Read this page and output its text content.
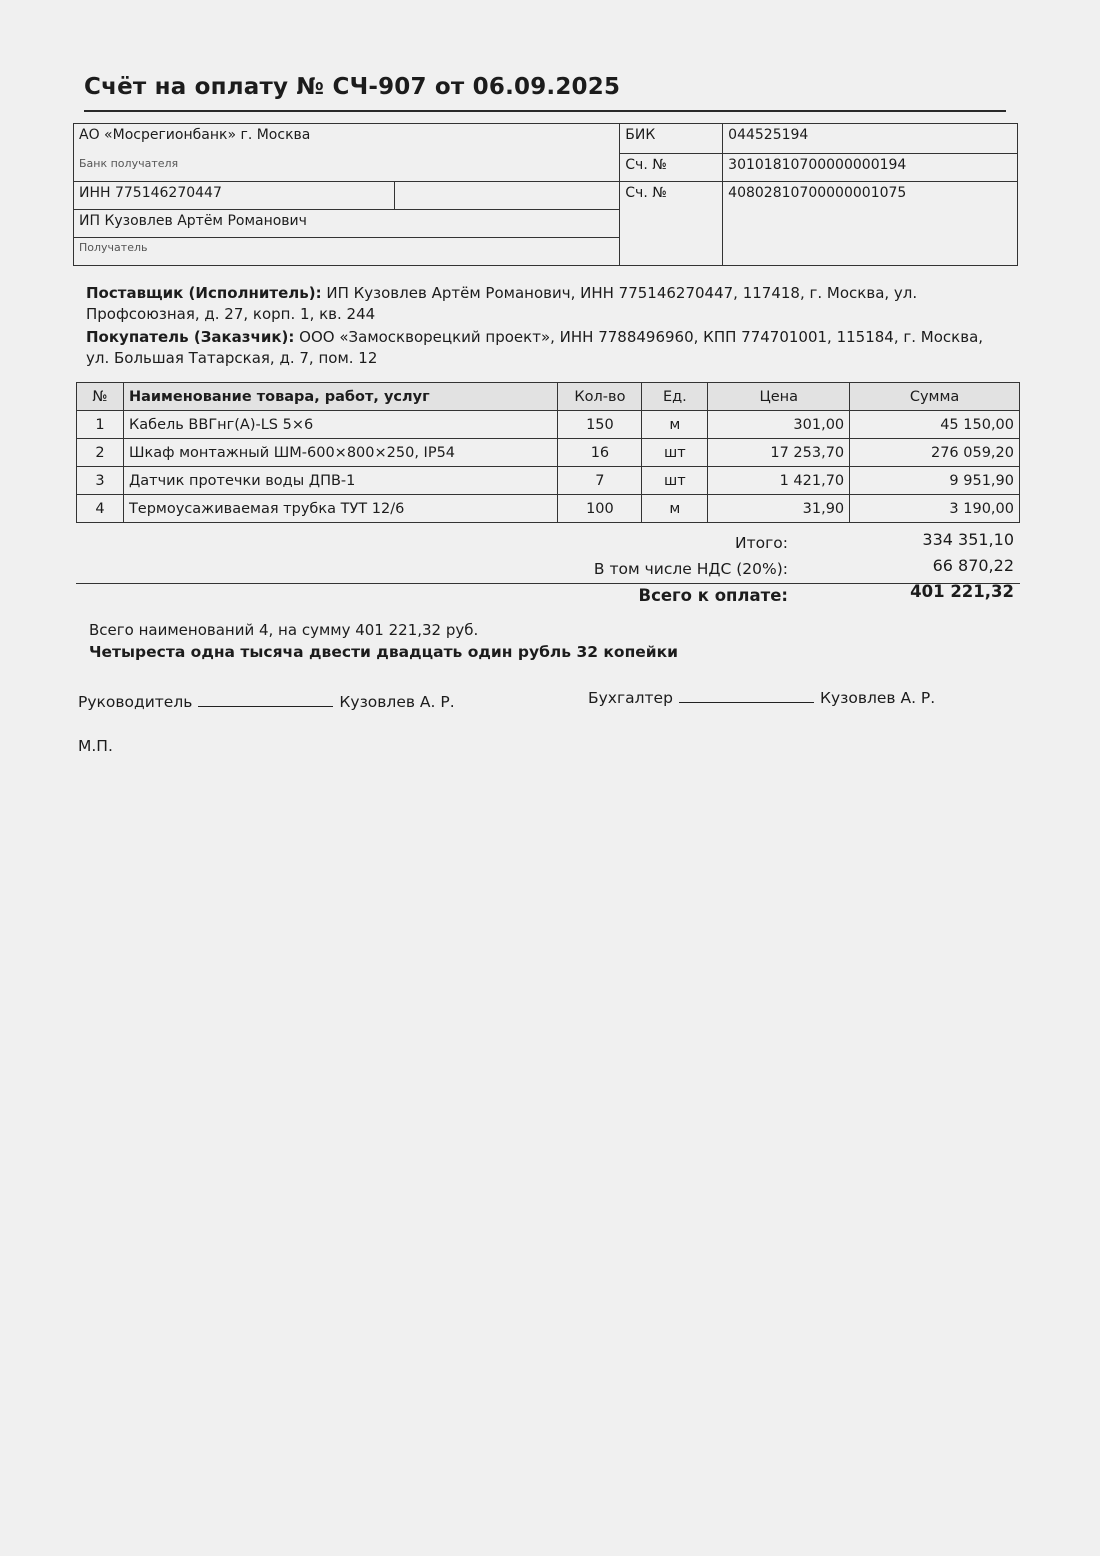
Счёт на оплату № СЧ-907 от 06.09.2025
АО «Мосрегионбанк» г. Москва		БИК	044525194
Банк получателя		Сч. №	30101810700000000194
ИНН 775146270447		Сч. №	40802810700000001075
ИП Кузовлев Артём Романович			
Получатель			

Поставщик (Исполнитель): ИП Кузовлев Артём Романович, ИНН 775146270447, 117418, г. Москва, ул. Профсоюзная, д. 27, корп. 1, кв. 244

Покупатель (Заказчик): ООО «Замоскворецкий проект», ИНН 7788496960, КПП 774701001, 115184, г. Москва, ул. Большая Татарская, д. 7, пом. 12

№	Наименование товара, работ, услуг	Кол-во	Ед.	Цена	Сумма
1	Кабель ВВГнг(А)-LS 5×6	150	м	301,00	45 150,00
2	Шкаф монтажный ШМ-600×800×250, IP54	16	шт	17 253,70	276 059,20
3	Датчик протечки воды ДПВ-1	7	шт	1 421,70	9 951,90
4	Термоусаживаемая трубка ТУТ 12/6	100	м	31,90	3 190,00
Итого:	334 351,10
В том числе НДС (20%):	66 870,22
Всего к оплате:	401 221,32
Всего наименований 4, на сумму 401 221,32 руб.
Четыреста одна тысяча двести двадцать один рубль 32 копейки
Руководитель	Кузовлев А. Р.	Бухгалтер	Кузовлев А. Р.
М.П.
